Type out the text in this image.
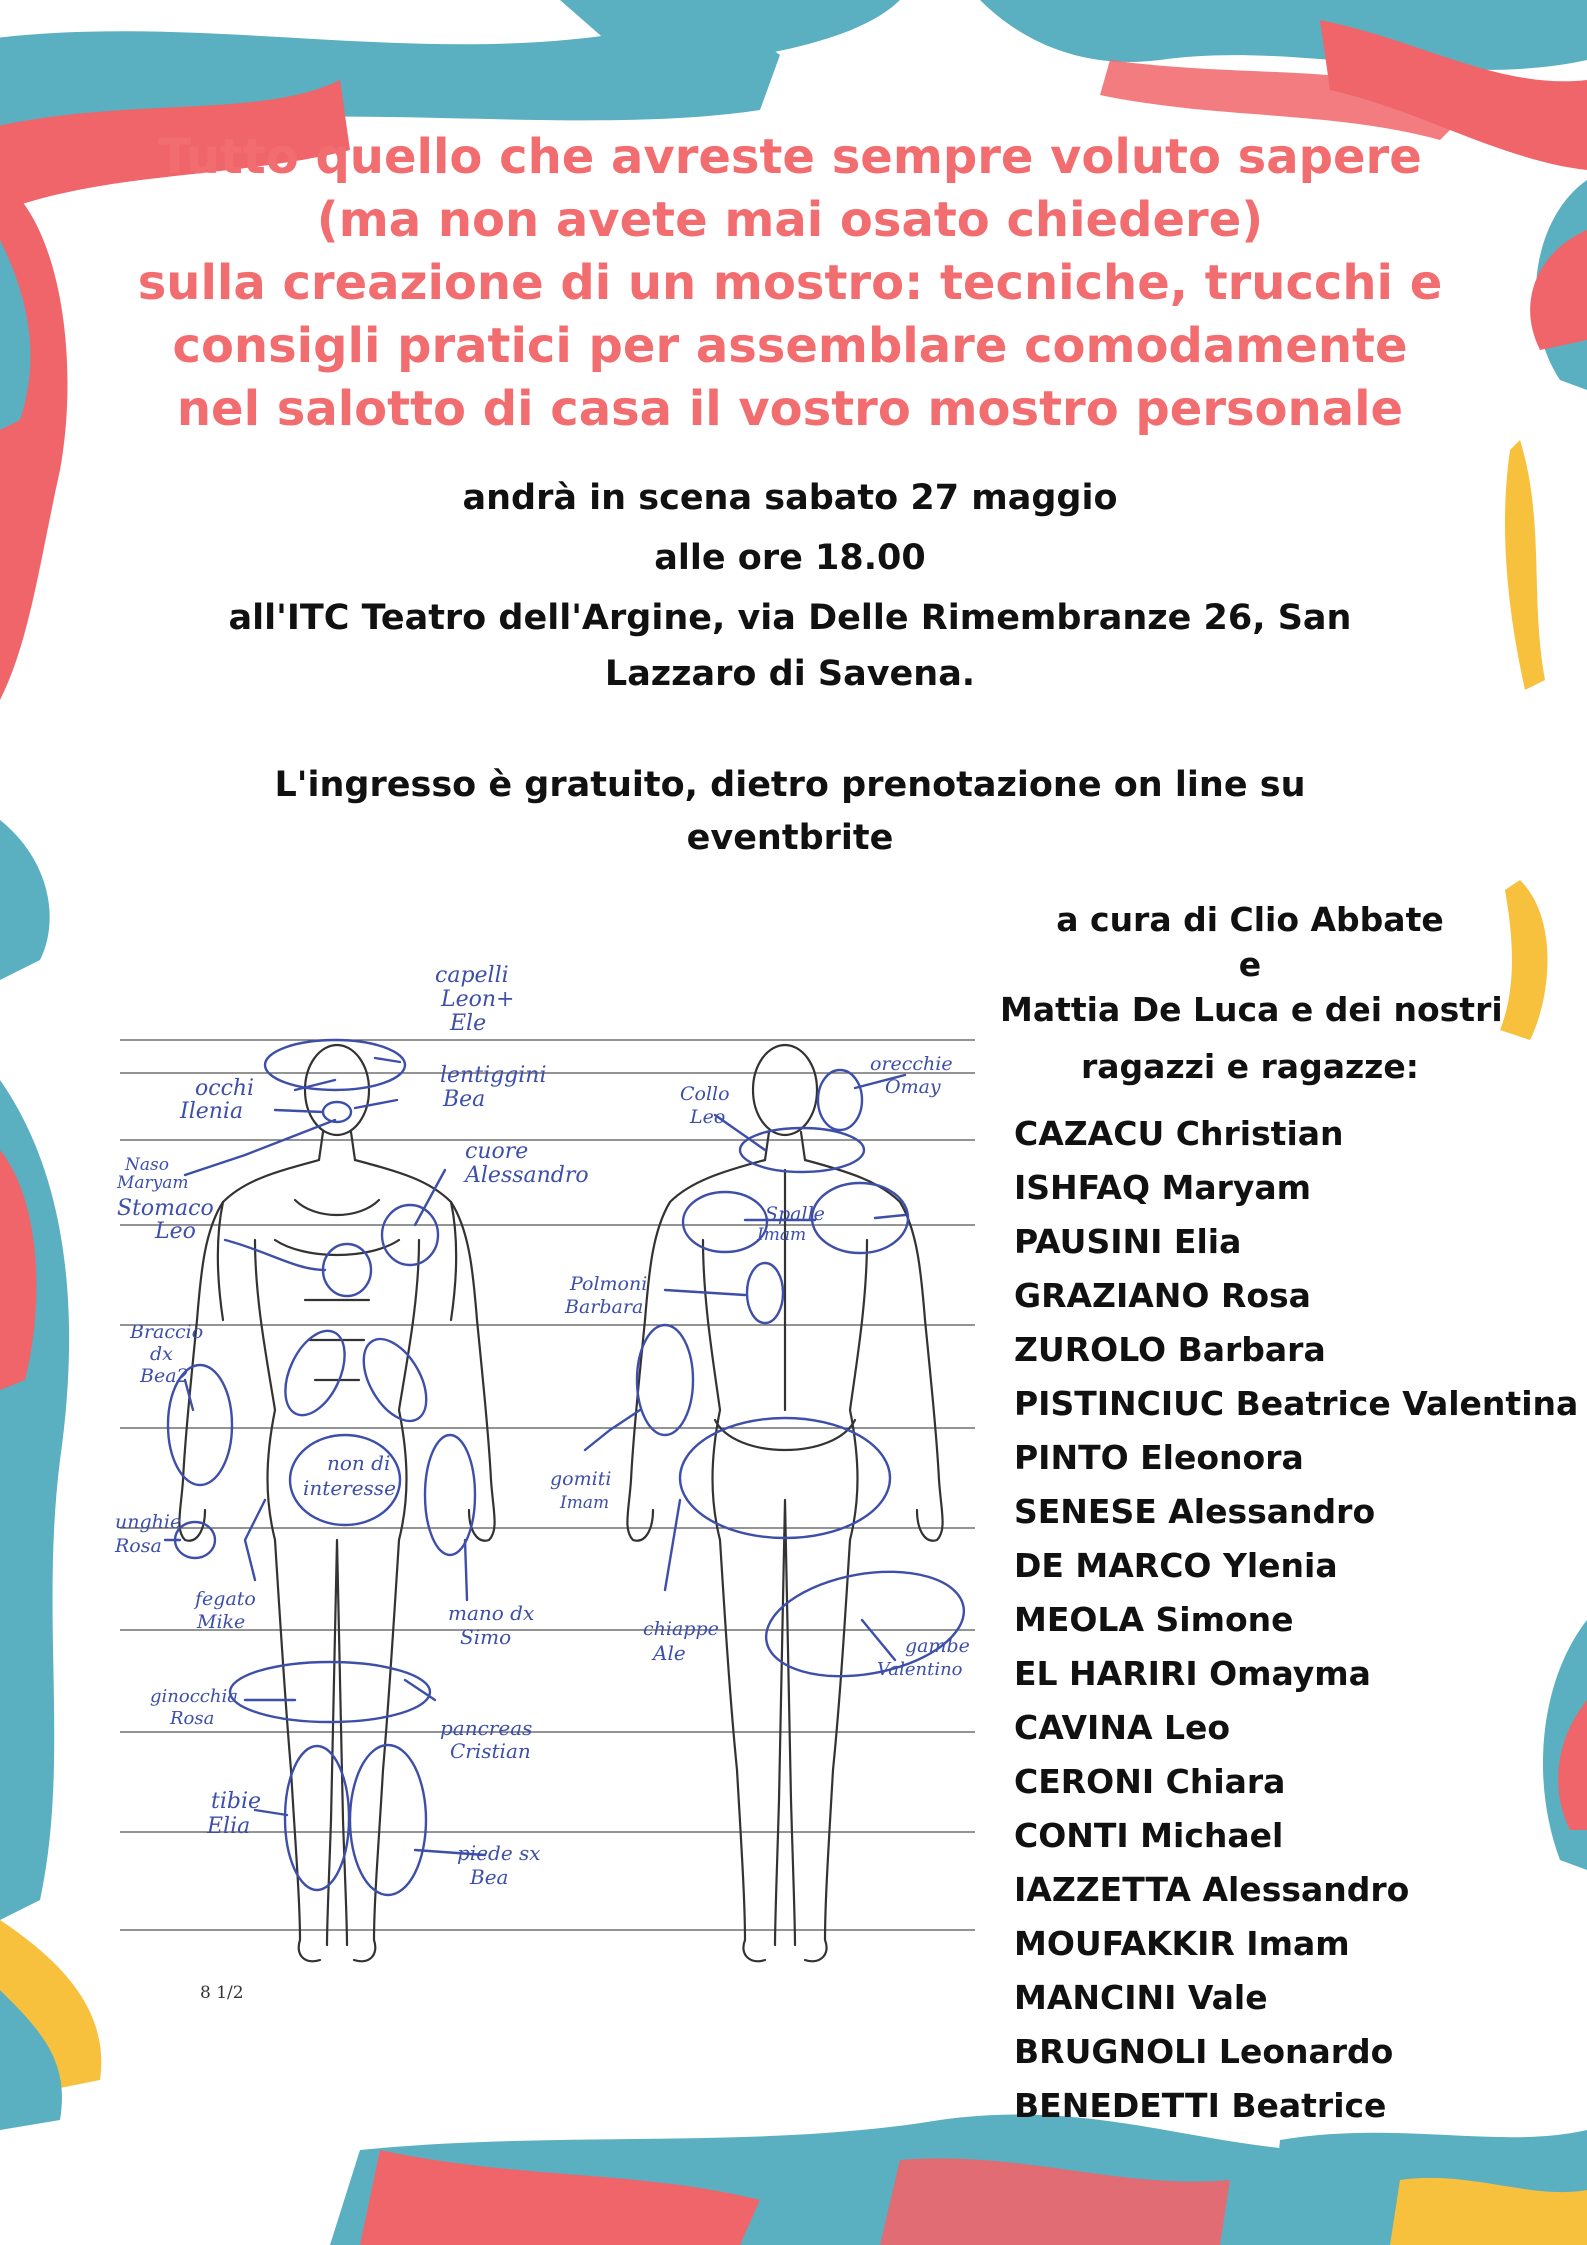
Tutto quello che avreste sempre voluto sapere
(ma non avete mai osato chiedere)
sulla creazione di un mostro: tecniche, trucchi e
consigli pratici per assemblare comodamente
nel salotto di casa il vostro mostro personale
andrà in scena sabato 27 maggio
alle ore 18.00
all'ITC Teatro dell'Argine, via Delle Rimembranze 26, San
Lazzaro di Savena.
L'ingresso è gratuito, dietro prenotazione on line su
eventbrite
a cura di Clio Abbate
e
Mattia De Luca e dei nostri
ragazzi e ragazze:
CAZACU Christian
ISHFAQ Maryam
PAUSINI Elia
GRAZIANO Rosa
ZUROLO Barbara
PISTINCIUC Beatrice Valentina
PINTO Eleonora
SENESE Alessandro
DE MARCO Ylenia
MEOLA Simone
EL HARIRI Omayma
CAVINA Leo
CERONI Chiara
CONTI Michael
IAZZETTA Alessandro
MOUFAKKIR Imam
MANCINI Vale
BRUGNOLI Leonardo
BENEDETTI Beatrice
capelli
Leon+
Ele
occhi
Ilenia
lentiggini
Bea
Naso
Maryam
Stomaco
Leo
cuore
Alessandro
Braccio
dx
Bea2
non di
interesse
unghie
Rosa
fegato
Mike	mano dx
Simo
ginocchia
Rosa	pancreas
Cristian
tibie
Elia
piede sx
Bea
8 1/2
Collo
Leo
orecchie
Omay
Spalle
Imam
Polmoni
Barbara
gomiti
Imam
chiappe
Ale	gambe
Valentino
